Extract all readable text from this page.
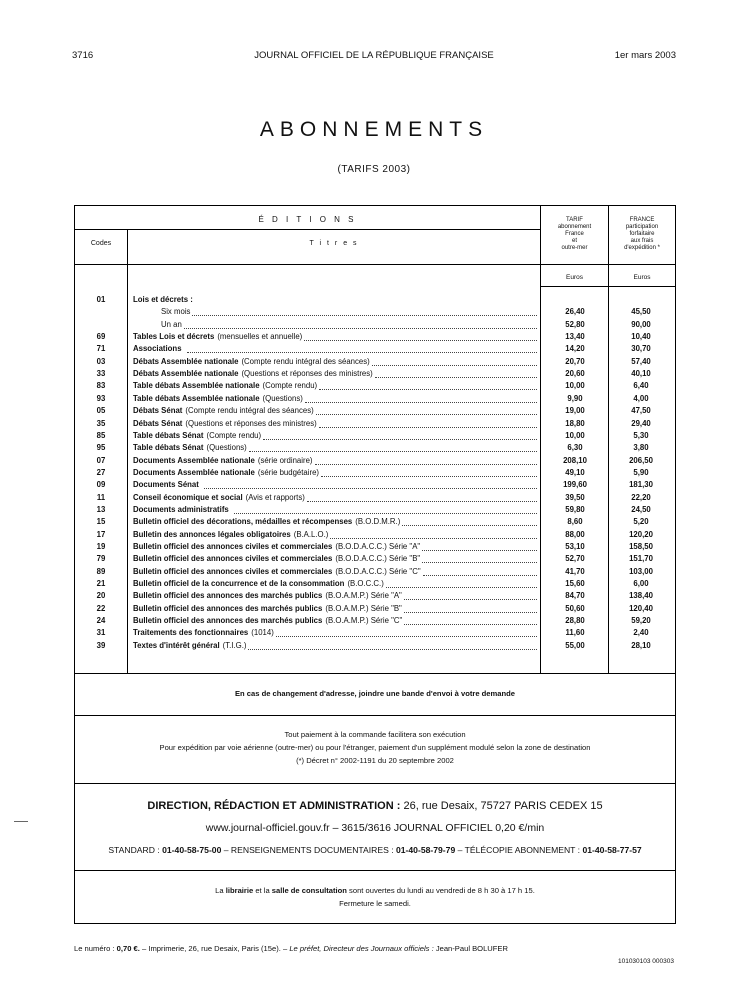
3716	JOURNAL OFFICIEL DE LA RÉPUBLIQUE FRANÇAISE	1er mars 2003
ABONNEMENTS
(TARIFS 2003)
É D I T I O N S
Codes	T i t r e s
TARIF
abonnement
France
et
outre-mer
FRANCE
participation
forfaitaire
aux frais
d'expédition *
Euros	Euros
01	Lois et décrets :
Six mois	26,40	45,50
Un an	52,80	90,00
69	Tables Lois et décrets (mensuelles et annuelle)	13,40	10,40
71	Associations	14,20	30,70
03	Débats Assemblée nationale (Compte rendu intégral des séances)	20,70	57,40
33	Débats Assemblée nationale (Questions et réponses des ministres)	20,60	40,10
83	Table débats Assemblée nationale (Compte rendu)	10,00	6,40
93	Table débats Assemblée nationale (Questions)	9,90	4,00
05	Débats Sénat (Compte rendu intégral des séances)	19,00	47,50
35	Débats Sénat (Questions et réponses des ministres)	18,80	29,40
85	Table débats Sénat (Compte rendu)	10,00	5,30
95	Table débats Sénat (Questions)	6,30	3,80
07	Documents Assemblée nationale (série ordinaire)	208,10	206,50
27	Documents Assemblée nationale (série budgétaire)	49,10	5,90
09	Documents Sénat	199,60	181,30
11	Conseil économique et social (Avis et rapports)	39,50	22,20
13	Documents administratifs	59,80	24,50
15	Bulletin officiel des décorations, médailles et récompenses (B.O.D.M.R.)	8,60	5,20
17	Bulletin des annonces légales obligatoires (B.A.L.O.)	88,00	120,20
19	Bulletin officiel des annonces civiles et commerciales (B.O.D.A.C.C.) Série "A"	53,10	158,50
79	Bulletin officiel des annonces civiles et commerciales (B.O.D.A.C.C.) Série "B"	52,70	151,70
89	Bulletin officiel des annonces civiles et commerciales (B.O.D.A.C.C.) Série "C"	41,70	103,00
21	Bulletin officiel de la concurrence et de la consommation (B.O.C.C.)	15,60	6,00
20	Bulletin officiel des annonces des marchés publics (B.O.A.M.P.) Série "A"	84,70	138,40
22	Bulletin officiel des annonces des marchés publics (B.O.A.M.P.) Série "B"	50,60	120,40
24	Bulletin officiel des annonces des marchés publics (B.O.A.M.P.) Série "C"	28,80	59,20
31	Traitements des fonctionnaires (1014)	11,60	2,40
39	Textes d'intérêt général (T.I.G.)	55,00	28,10
En cas de changement d'adresse, joindre une bande d'envoi à votre demande
Tout paiement à la commande facilitera son exécution
Pour expédition par voie aérienne (outre-mer) ou pour l'étranger, paiement d'un supplément modulé selon la zone de destination
(*) Décret n° 2002-1191 du 20 septembre 2002
DIRECTION, RÉDACTION ET ADMINISTRATION : 26, rue Desaix, 75727 PARIS CEDEX 15
www.journal-officiel.gouv.fr – 3615/3616 JOURNAL OFFICIEL 0,20 €/min
STANDARD : 01-40-58-75-00 – RENSEIGNEMENTS DOCUMENTAIRES : 01-40-58-79-79 – TÉLÉCOPIE ABONNEMENT : 01-40-58-77-57
La librairie et la salle de consultation sont ouvertes du lundi au vendredi de 8 h 30 à 17 h 15.
Fermeture le samedi.
Le numéro : 0,70 €. – Imprimerie, 26, rue Desaix, Paris (15e). – Le préfet, Directeur des Journaux officiels : Jean-Paul BOLUFER
101030103 000303
